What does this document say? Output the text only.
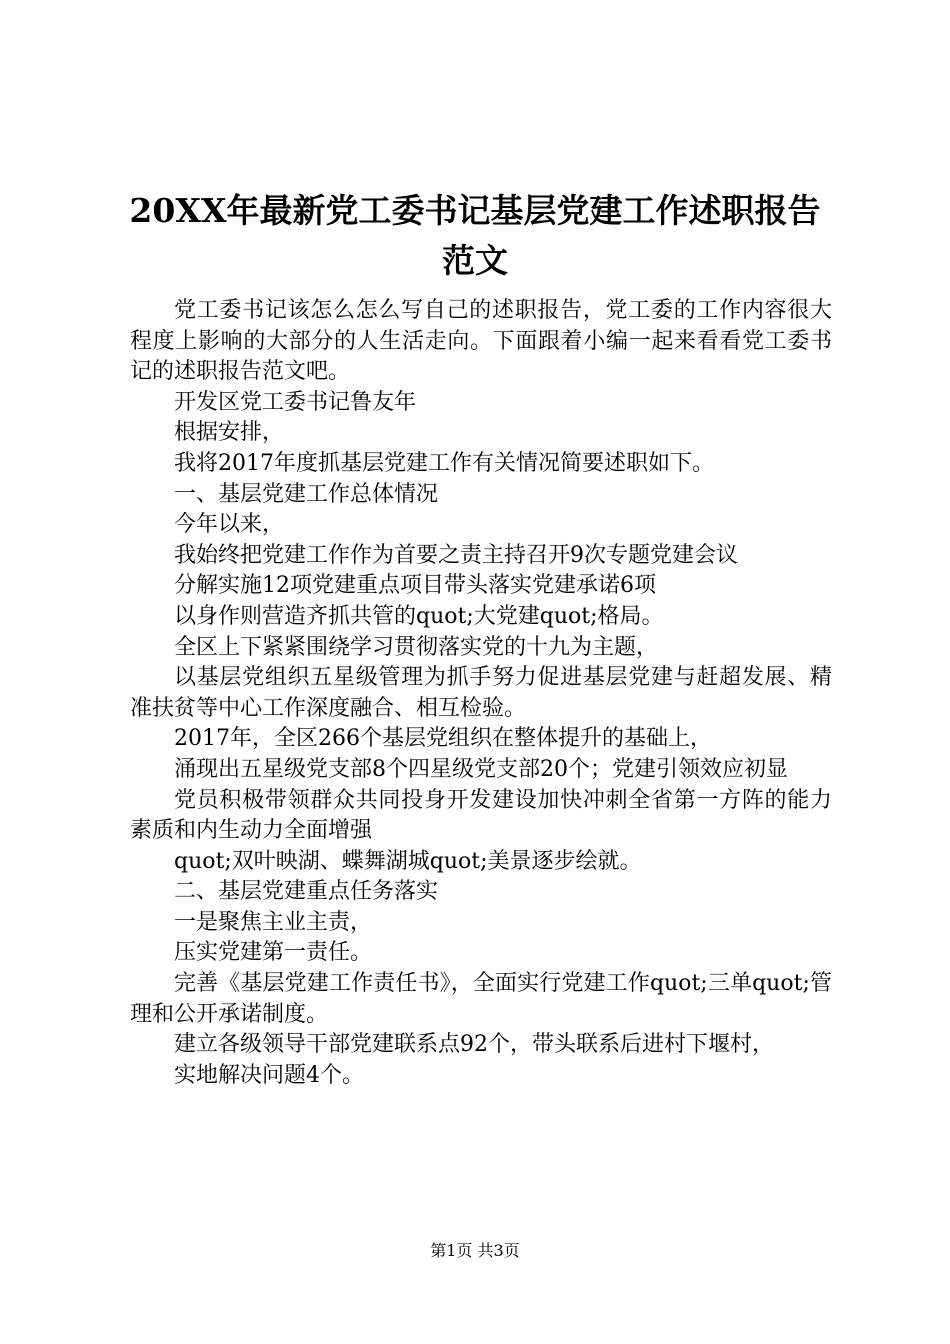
20XX年最新党工委书记基层党建工作述职报告范文

党工委书记该怎么怎么写自己的述职报告，党工委的工作内容很大程度上影响的大部分的人生活走向。下面跟着小编一起来看看党工委书记的述职报告范文吧。

开发区党工委书记鲁友年

根据安排，

我将2017年度抓基层党建工作有关情况简要述职如下。

一、基层党建工作总体情况

今年以来，

我始终把党建工作作为首要之责主持召开9次专题党建会议

分解实施12项党建重点项目带头落实党建承诺6项

以身作则营造齐抓共管的quot;大党建quot;格局。

全区上下紧紧围绕学习贯彻落实党的十九为主题，

以基层党组织五星级管理为抓手努力促进基层党建与赶超发展、精准扶贫等中心工作深度融合、相互检验。

2017年，全区266个基层党组织在整体提升的基础上，

涌现出五星级党支部8个四星级党支部20个；党建引领效应初显

党员积极带领群众共同投身开发建设加快冲刺全省第一方阵的能力素质和内生动力全面增强

quot;双叶映湖、蝶舞湖城quot;美景逐步绘就。

二、基层党建重点任务落实

一是聚焦主业主责，

压实党建第一责任。

完善《基层党建工作责任书》，全面实行党建工作quot;三单quot;管理和公开承诺制度。

建立各级领导干部党建联系点92个，带头联系后进村下堰村，

实地解决问题4个。

第1页 共3页
